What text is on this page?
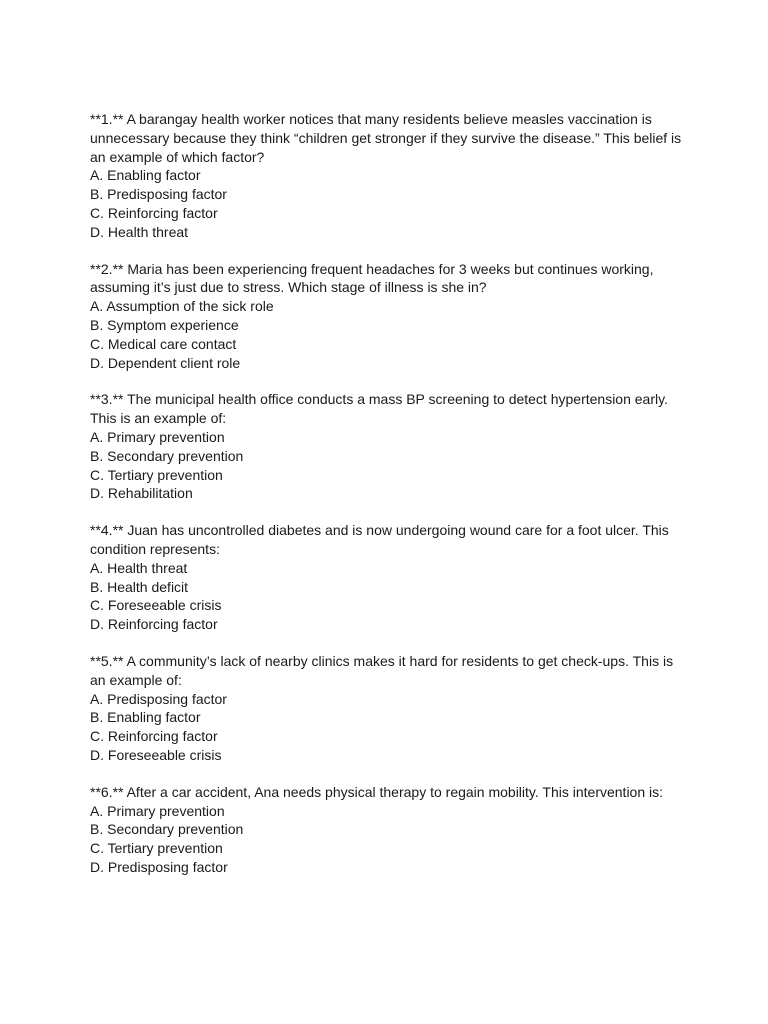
**1.** A barangay health worker notices that many residents believe measles vaccination is unnecessary because they think “children get stronger if they survive the disease.” This belief is an example of which factor?

A. Enabling factor

B. Predisposing factor

C. Reinforcing factor

D. Health threat

**2.** Maria has been experiencing frequent headaches for 3 weeks but continues working, assuming it’s just due to stress. Which stage of illness is she in?

A. Assumption of the sick role

B. Symptom experience

C. Medical care contact

D. Dependent client role

**3.** The municipal health office conducts a mass BP screening to detect hypertension early. This is an example of:

A. Primary prevention

B. Secondary prevention

C. Tertiary prevention

D. Rehabilitation

**4.** Juan has uncontrolled diabetes and is now undergoing wound care for a foot ulcer. This condition represents:

A. Health threat

B. Health deficit

C. Foreseeable crisis

D. Reinforcing factor

**5.** A community’s lack of nearby clinics makes it hard for residents to get check-ups. This is an example of:

A. Predisposing factor

B. Enabling factor

C. Reinforcing factor

D. Foreseeable crisis

**6.** After a car accident, Ana needs physical therapy to regain mobility. This intervention is:

A. Primary prevention

B. Secondary prevention

C. Tertiary prevention

D. Predisposing factor
